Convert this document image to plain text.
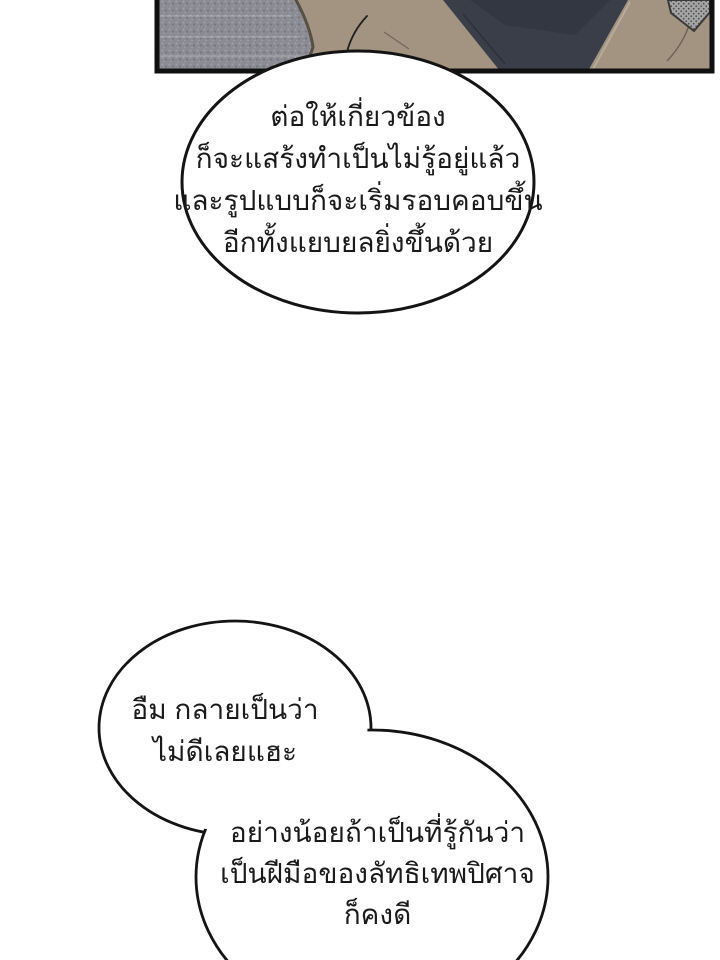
ต่อให้เกี่ยวข้อง
ก็จะแสร้งทำเป็นไม่รู้อยู่แล้ว
และรูปแบบก็จะเริ่มรอบคอบขึ้น
อีกทั้งแยบยลยิ่งขึ้นด้วย
อืม กลายเป็นว่า
ไม่ดีเลยแฮะ
อย่างน้อยถ้าเป็นที่รู้กันว่า
เป็นฝีมือของลัทธิเทพปิศาจ
ก็คงดี
